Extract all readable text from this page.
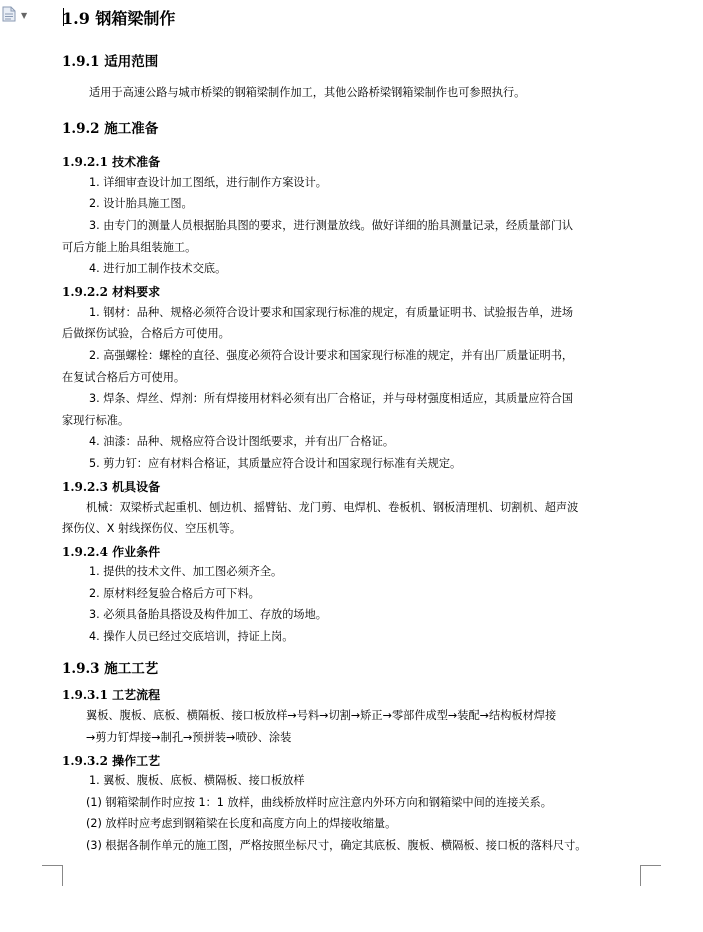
▼ 1.9 钢箱梁制作
1.9.1 适用范围
适用于高速公路与城市桥梁的钢箱梁制作加工，其他公路桥梁钢箱梁制作也可参照执行。
1.9.2 施工准备
1.9.2.1 技术准备
1. 详细审查设计加工图纸，进行制作方案设计。
2. 设计胎具施工图。
3. 由专门的测量人员根据胎具图的要求，进行测量放线。做好详细的胎具测量记录，经质量部门认
可后方能上胎具组装施工。
4. 进行加工制作技术交底。
1.9.2.2 材料要求
1. 钢材：品种、规格必须符合设计要求和国家现行标准的规定，有质量证明书、试验报告单，进场
后做探伤试验，合格后方可使用。
2. 高强螺栓：螺栓的直径、强度必须符合设计要求和国家现行标准的规定，并有出厂质量证明书，
在复试合格后方可使用。
3. 焊条、焊丝、焊剂：所有焊接用材料必须有出厂合格证，并与母材强度相适应，其质量应符合国
家现行标准。
4. 油漆：品种、规格应符合设计图纸要求，并有出厂合格证。
5. 剪力钉：应有材料合格证，其质量应符合设计和国家现行标准有关规定。
1.9.2.3 机具设备
机械：双梁桥式起重机、刨边机、摇臂钻、龙门剪、电焊机、卷板机、钢板清理机、切割机、超声波
探伤仪、X 射线探伤仪、空压机等。
1.9.2.4 作业条件
1. 提供的技术文件、加工图必须齐全。
2. 原材料经复验合格后方可下料。
3. 必须具备胎具搭设及构件加工、存放的场地。
4. 操作人员已经过交底培训，持证上岗。
1.9.3 施工工艺
1.9.3.1 工艺流程
翼板、腹板、底板、横隔板、接口板放样→号料→切割→矫正→零部件成型→装配→结构板材焊接
→剪力钉焊接→制孔→预拼装→喷砂、涂装
1.9.3.2 操作工艺
1. 翼板、腹板、底板、横隔板、接口板放样
(1) 钢箱梁制作时应按 1：1 放样，曲线桥放样时应注意内外环方向和钢箱梁中间的连接关系。
(2) 放样时应考虑到钢箱梁在长度和高度方向上的焊接收缩量。
(3) 根据各制作单元的施工图，严格按照坐标尺寸，确定其底板、腹板、横隔板、接口板的落料尺寸。
